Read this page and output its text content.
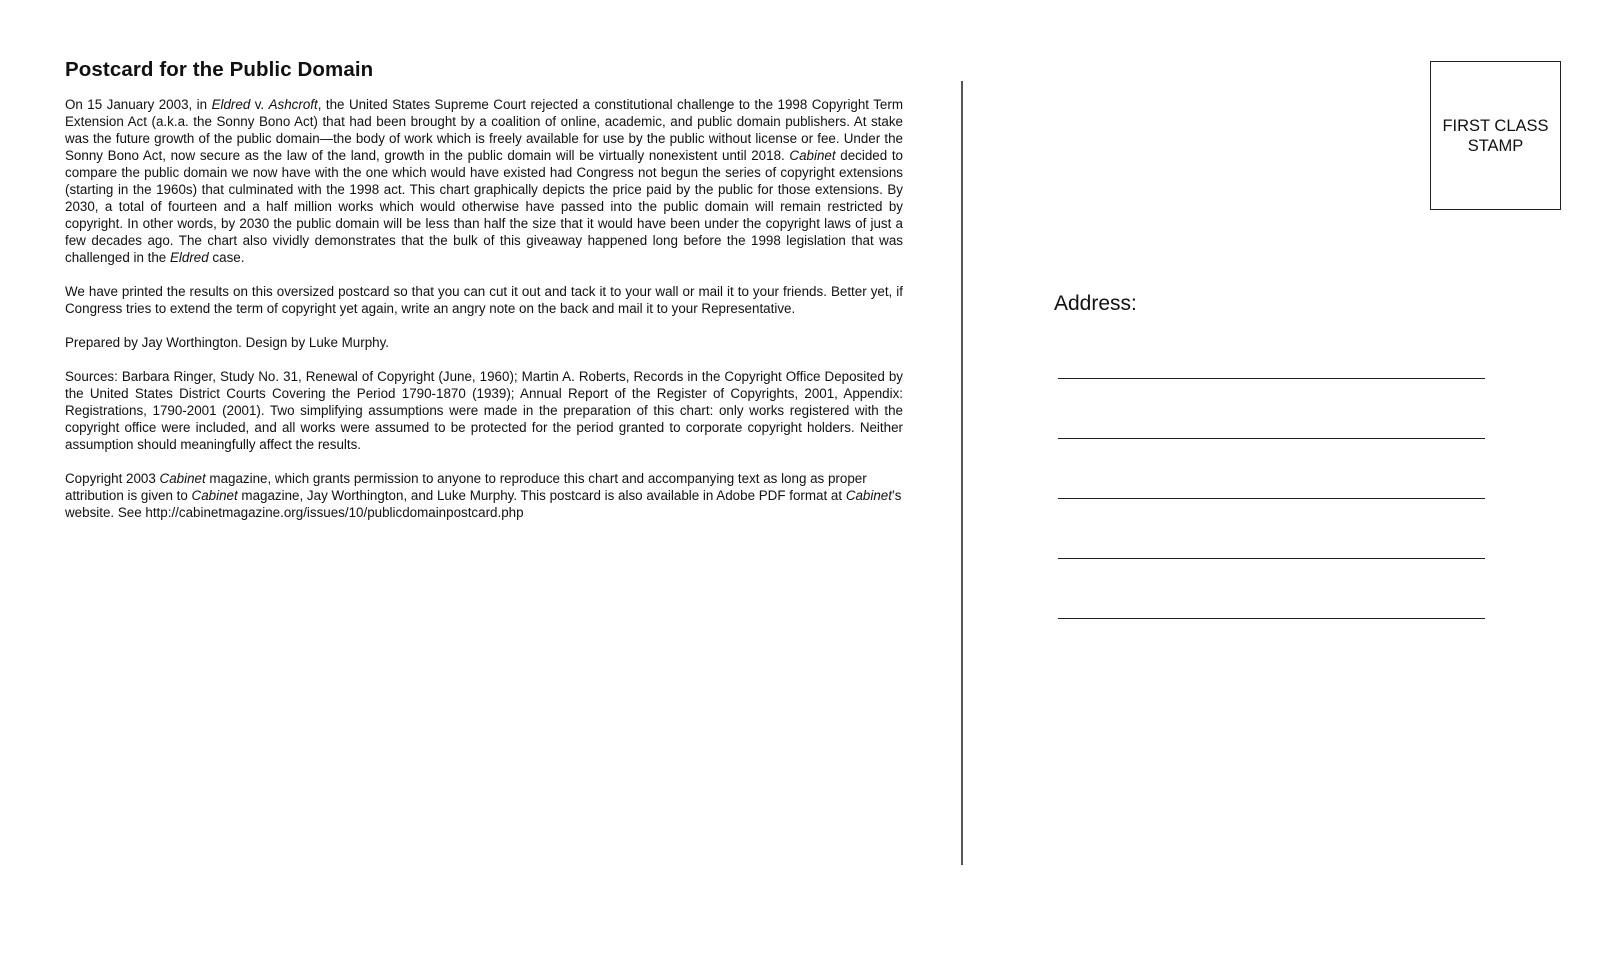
Postcard for the Public Domain

On 15 January 2003, in Eldred v. Ashcroft, the United States Supreme Court rejected a constitutional challenge to the 1998 Copyright Term Extension Act (a.k.a. the Sonny Bono Act) that had been brought by a coalition of online, academic, and public domain publishers. At stake was the future growth of the public domain—the body of work which is freely available for use by the public without license or fee. Under the Sonny Bono Act, now secure as the law of the land, growth in the public domain will be virtually nonexistent until 2018. Cabinet decided to compare the public domain we now have with the one which would have existed had Congress not begun the series of copyright extensions (starting in the 1960s) that culminated with the 1998 act. This chart graphically depicts the price paid by the public for those extensions. By 2030, a total of fourteen and a half million works which would otherwise have passed into the public domain will remain restricted by copyright. In other words, by 2030 the public domain will be less than half the size that it would have been under the copyright laws of just a few decades ago. The chart also vividly demonstrates that the bulk of this giveaway happened long before the 1998 legislation that was challenged in the Eldred case.

We have printed the results on this oversized postcard so that you can cut it out and tack it to your wall or mail it to your friends. Better yet, if Congress tries to extend the term of copyright yet again, write an angry note on the back and mail it to your Representative.

Prepared by Jay Worthington. Design by Luke Murphy.

Sources: Barbara Ringer, Study No. 31, Renewal of Copyright (June, 1960); Martin A. Roberts, Records in the Copyright Office Deposited by the United States District Courts Covering the Period 1790-1870 (1939); Annual Report of the Register of Copyrights, 2001, Appendix: Registrations, 1790-2001 (2001). Two simplifying assumptions were made in the preparation of this chart: only works registered with the copyright office were included, and all works were assumed to be protected for the period granted to corporate copyright holders. Neither assumption should meaningfully affect the results.

Copyright 2003 Cabinet magazine, which grants permission to anyone to reproduce this chart and accompanying text as long as proper attribution is given to Cabinet magazine, Jay Worthington, and Luke Murphy. This postcard is also available in Adobe PDF format at Cabinet’s website. See http://cabinetmagazine.org/issues/10/publicdomainpostcard.php

FIRST CLASS STAMP
Address:
